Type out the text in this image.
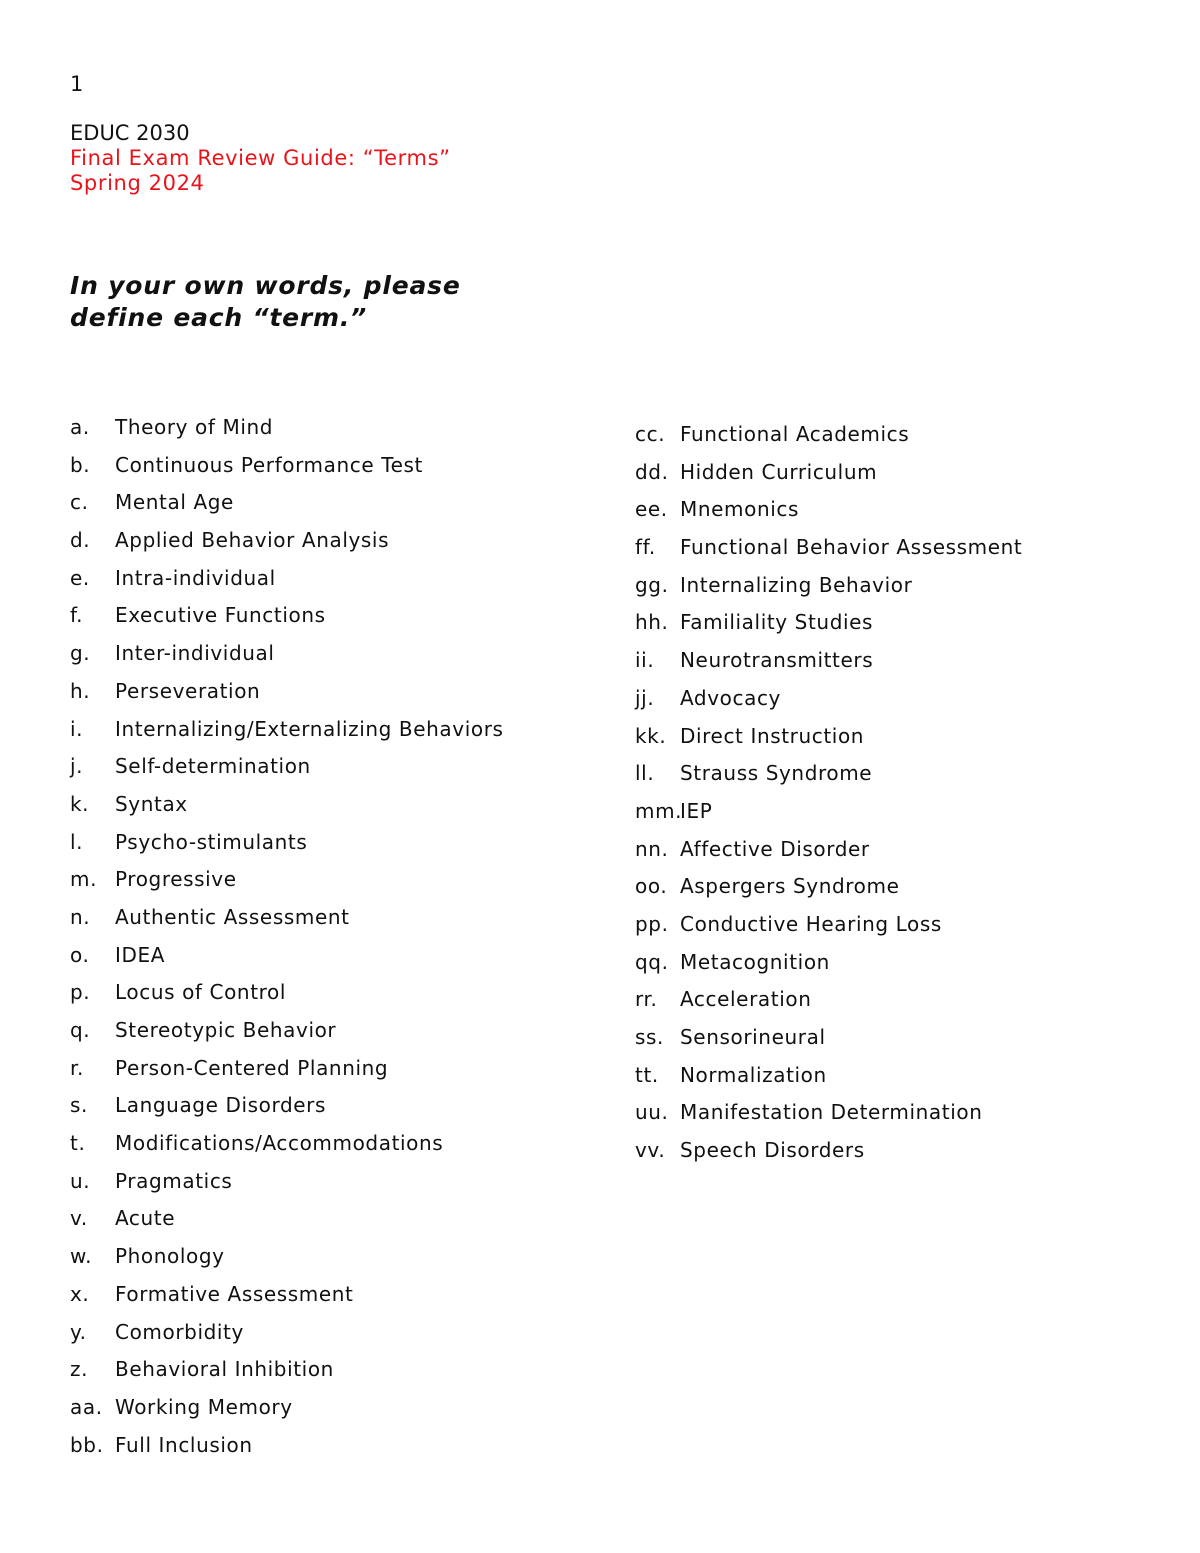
1
EDUC 2030
Final Exam Review Guide: “Terms”
Spring 2024
In your own words, please
define each “term.”
a. Theory of Mind
b. Continuous Performance Test
c. Mental Age
d. Applied Behavior Analysis
e. Intra-individual
f. Executive Functions
g. Inter-individual
h. Perseveration
i. Internalizing/Externalizing Behaviors
j. Self-determination
k. Syntax
l. Psycho-stimulants
m. Progressive
n. Authentic Assessment
o. IDEA
p. Locus of Control
q. Stereotypic Behavior
r. Person-Centered Planning
s. Language Disorders
t. Modifications/Accommodations
u. Pragmatics
v. Acute
w. Phonology
x. Formative Assessment
y. Comorbidity
z. Behavioral Inhibition
aa. Working Memory
bb. Full Inclusion
cc. Functional Academics
dd. Hidden Curriculum
ee. Mnemonics
ff. Functional Behavior Assessment
gg. Internalizing Behavior
hh. Familiality Studies
ii. Neurotransmitters
jj. Advocacy
kk. Direct Instruction
ll. Strauss Syndrome
mm.IEP
nn. Affective Disorder
oo. Aspergers Syndrome
pp. Conductive Hearing Loss
qq. Metacognition
rr. Acceleration
ss. Sensorineural
tt. Normalization
uu. Manifestation Determination
vv. Speech Disorders
